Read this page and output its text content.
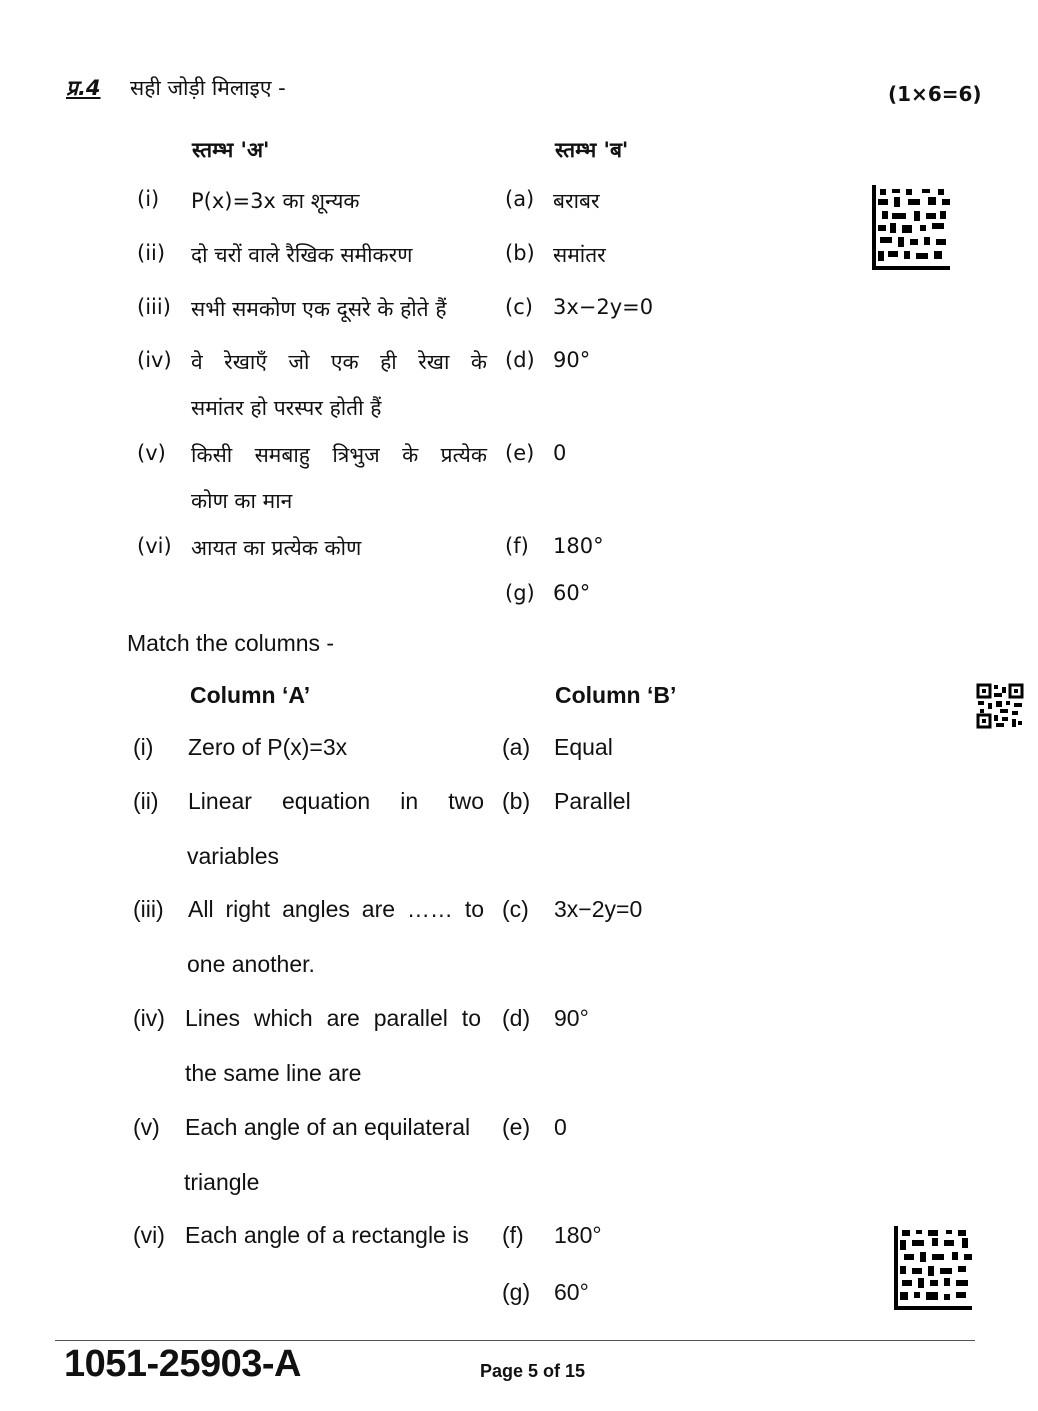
प्र.4 सही जोड़ी मिलाइए -	(1×6=6)
स्तम्भ 'अ'	स्तम्भ 'ब'
(i) P(x)=3x का शून्यक	(a) बराबर
(ii) दो चरों वाले रैखिक समीकरण	(b) समांतर
(iii) सभी समकोण एक दूसरे के होते हैं	(c) 3x−2y=0
(iv) वे रेखाएँ जो एक ही रेखा के (d) 90°
समांतर हो परस्पर होती हैं
(v) किसी समबाहु त्रिभुज के प्रत्येक (e) 0
कोण का मान
(vi) आयत का प्रत्येक कोण	(f) 180°
(g) 60°
Match the columns -
Column ‘A’	Column ‘B’
(i) Zero of P(x)=3x	(a) Equal
(ii) Linear equation in two (b) Parallel
variables
(iii) All right angles are …… to (c) 3x−2y=0
one another.
(iv) Lines which are parallel to (d) 90°
the same line are
(v) Each angle of an equilateral	(e) 0
triangle
(vi) Each angle of a rectangle is	(f) 180°
(g) 60°
1051-25903-A	Page 5 of 15
